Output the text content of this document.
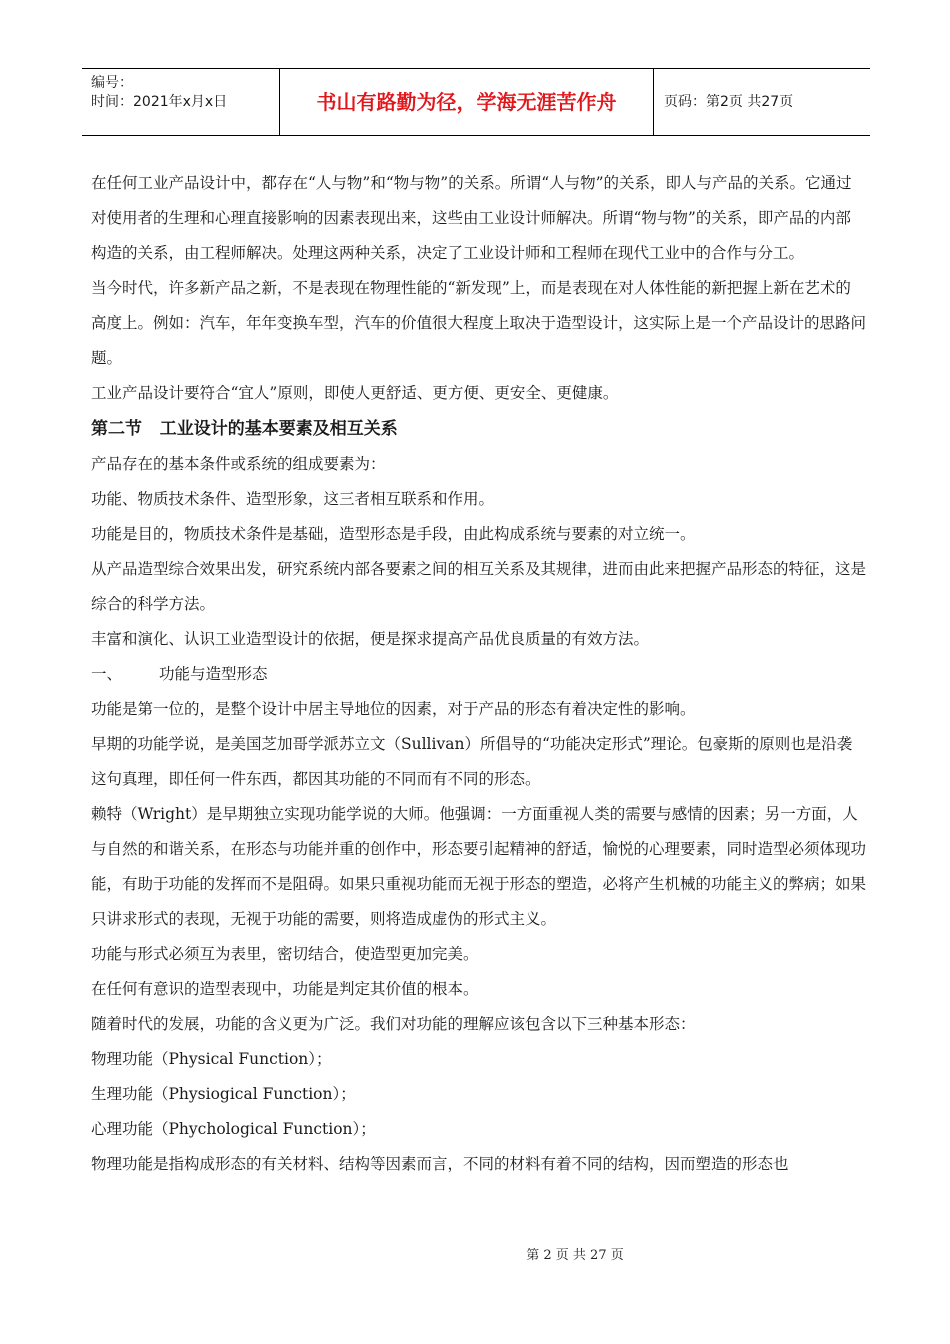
编号：
时间：2021年x月x日	书山有路勤为径，学海无涯苦作舟	页码：第2页 共27页

在任何工业产品设计中，都存在“人与物”和“物与物”的关系。所谓“人与物”的关系，即人与产品的关系。它通过对使用者的生理和心理直接影响的因素表现出来，这些由工业设计师解决。所谓“物与物”的关系，即产品的内部构造的关系，由工程师解决。处理这两种关系，决定了工业设计师和工程师在现代工业中的合作与分工。

当今时代，许多新产品之新，不是表现在物理性能的“新发现”上，而是表现在对人体性能的新把握上新在艺术的高度上。例如：汽车，年年变换车型，汽车的价值很大程度上取决于造型设计，这实际上是一个产品设计的思路问题。

工业产品设计要符合“宜人”原则，即使人更舒适、更方便、更安全、更健康。

第二节   工业设计的基本要素及相互关系

产品存在的基本条件或系统的组成要素为：

功能、物质技术条件、造型形象，这三者相互联系和作用。

功能是目的，物质技术条件是基础，造型形态是手段，由此构成系统与要素的对立统一。

从产品造型综合效果出发，研究系统内部各要素之间的相互关系及其规律，进而由此来把握产品形态的特征，这是综合的科学方法。

丰富和演化、认识工业造型设计的依据，便是探求提高产品优良质量的有效方法。

一、 功能与造型形态

功能是第一位的，是整个设计中居主导地位的因素，对于产品的形态有着决定性的影响。

早期的功能学说，是美国芝加哥学派苏立文（Sullivan）所倡导的“功能决定形式”理论。包豪斯的原则也是沿袭这句真理，即任何一件东西，都因其功能的不同而有不同的形态。

赖特（Wright）是早期独立实现功能学说的大师。他强调：一方面重视人类的需要与感情的因素；另一方面，人与自然的和谐关系，在形态与功能并重的创作中，形态要引起精神的舒适，愉悦的心理要素，同时造型必须体现功能，有助于功能的发挥而不是阻碍。如果只重视功能而无视于形态的塑造，必将产生机械的功能主义的弊病；如果只讲求形式的表现，无视于功能的需要，则将造成虚伪的形式主义。

功能与形式必须互为表里，密切结合，使造型更加完美。

在任何有意识的造型表现中，功能是判定其价值的根本。

随着时代的发展，功能的含义更为广泛。我们对功能的理解应该包含以下三种基本形态：

物理功能（Physical Function）；

生理功能（Physiogical Function）；

心理功能（Phychological Function）；

物理功能是指构成形态的有关材料、结构等因素而言，不同的材料有着不同的结构，因而塑造的形态也

第 2 页 共 27 页
